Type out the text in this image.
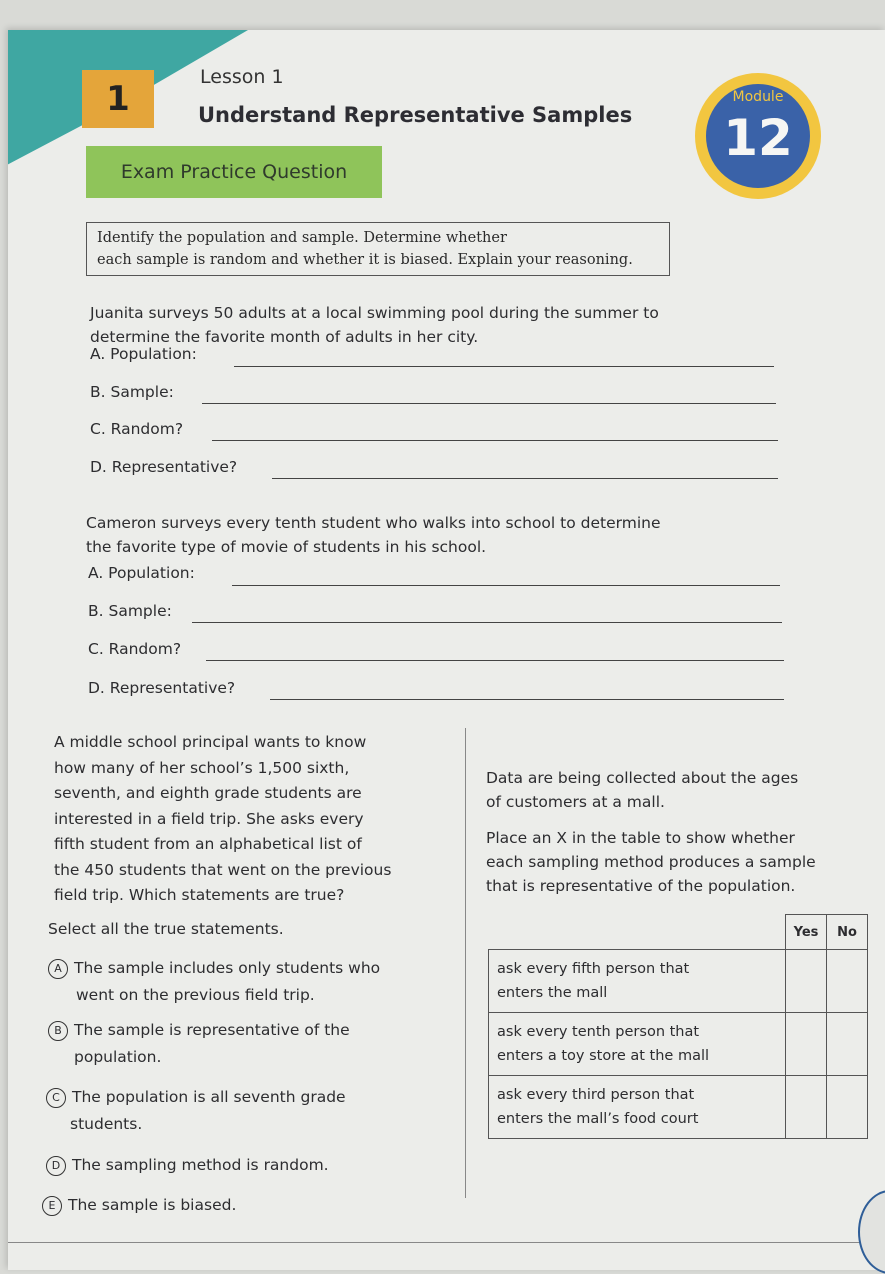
1
Lesson 1
Understand Representative Samples
Module
12
Exam Practice Question
Identify the population and sample. Determine whether
each sample is random and whether it is biased. Explain your reasoning.
Juanita surveys 50 adults at a local swimming pool during the summer to
determine the favorite month of adults in her city.
A. Population:
B. Sample:
C. Random?
D. Representative?
Cameron surveys every tenth student who walks into school to determine
the favorite type of movie of students in his school.
A. Population:
B. Sample:
C. Random?
D. Representative?
A middle school principal wants to know
how many of her school’s 1,500 sixth,
seventh, and eighth grade students are
interested in a field trip. She asks every
fifth student from an alphabetical list of
the 450 students that went on the previous
field trip. Which statements are true?
Select all the true statements.
A The sample includes only students who
went on the previous field trip.
B The sample is representative of the
population.
C The population is all seventh grade
students.
D The sampling method is random.
E The sample is biased.
Data are being collected about the ages
of customers at a mall.
Place an X in the table to show whether
each sampling method produces a sample
that is representative of the population.
	Yes	No

ask every fifth person that
enters the mall		

ask every tenth person that
enters a toy store at the mall		

ask every third person that
enters the mall’s food court		
